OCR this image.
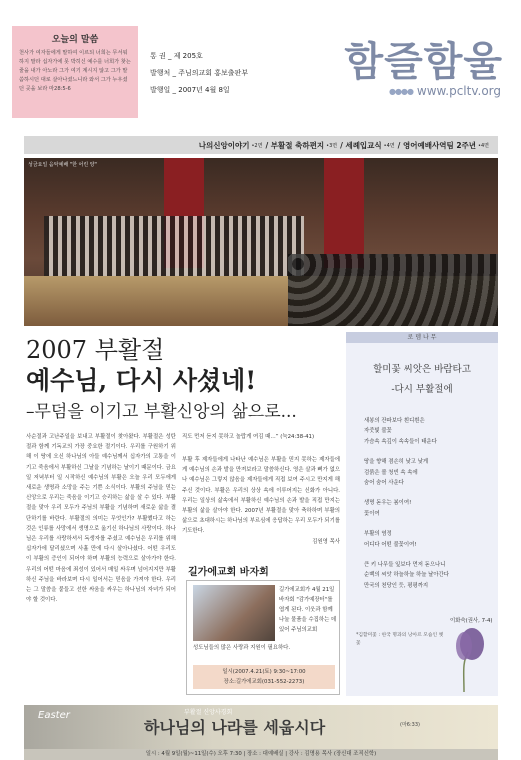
오늘의 말씀
천사가 여자들에게 말하여 이르되 너희는 무서워하지 말라 십자가에 못 박히신 예수를 너희가 찾는 줄을 내가 아노라 그가 여기 계시지 않고 그가 말씀하시던 대로 살아나셨느니라 와서 그가 누우셨던 곳을 보라 마28:5-6
통 권 _ 제 205호
발행처 _ 주님의교회 홍보출판부
발행일 _ 2007년 4월 8일
함즐함울
●●●● www.pcltv.org
나의신앙이야기 •2면 / 부활절 축하편지 •3면 / 세례입교식 •4면 / 영어예배사역팀 2주년 •4면
성금요일 음악예배 "한 어린 양"
2007 부활절
예수님, 다시 사셨네!
–무덤을 이기고 부활신앙의 삶으로...
사순절과 고난주일을 보내고 부활절이 찾아왔다. 부활절은 성탄절과 함께 기독교의 가장 중요한 절기이다. 우리를 구원하기 위해 이 땅에 오신 하나님의 아들 예수님께서 십자가의 고통을 이기고 죽음에서 부활하신 그날을 기념하는 날이기 때문이다. 금요일 저녁부터 일 시작하신 예수님의 부활은 오늘 우리 모두에게 새로운 생명과 소망을 주는 기쁜 소식이다. 부활의 주님을 믿는 신앙으로 우리는 죽음을 이기고 승리하는 삶을 살 수 있다. 부활절을 맞아 우리 모두가 주님의 부활을 기념하며 새로운 삶을 결단하기를 바란다. 부활절의 의미는 무엇인가? 부활했다고 하는 것은 인류를 사망에서 생명으로 옮기신 하나님의 사랑이다. 하나님은 우리를 사랑하셔서 독생자를 주셨고 예수님은 우리를 위해 십자가에 달리셨으며 사흘 만에 다시 살아나셨다. 어떤 우리도 이 부활의 증인이 되어야 하며 부활의 능력으로 살아가야 한다. 우리의 어떤 마음에 죄성이 있어서 매일 싸우며 넘어지지만 부활하신 주님을 바라보며 다시 일어서는 믿음을 가져야 한다. 우리는 그 말씀을 붙들고 선한 싸움을 싸우는 하나님의 자녀가 되어야 할 것이다.
직도 먼저 듣지 못하고 놀랍게 여김 때…” (눅24:38-41)
부활 후 제자들에게 나타난 예수님은 부활을 믿지 못하는 제자들에게 예수님의 손과 발을 만져보라고 말씀하신다. 영은 살과 뼈가 없으나 예수님은 그렇지 않음을 제자들에게 직접 보여 주시고 만지게 해주신 것이다. 부활은 우리의 상상 속에 이루어지는 신화가 아니다. 우리는 일상의 삶속에서 부활하신 예수님의 손과 발을 직접 만지는 부활의 삶을 살아야 한다. 2007년 부활절을 맞아 축하하며 부활의 삶으로 초대하시는 하나님의 부르심에 응답하는 우리 모두가 되기를 기도한다.
김원영 목사
길가에교회 바자회
길가에교회가 4월 21일 바자회 "감가예장터"를 엽게 된다. 이웃과 함께 나눌 물품을 수집하는 데 있어 주님의교회
성도님들의 많은 사랑과 지원이 필요하다.
일시(2007.4.21(토) 9:30~17:00
장소:길가에교회(031-552-2273)
로 뎀 나 무
할미꽃 씨앗은 바람타고
-다시 부활절에
새봉의 잔파보다 흰디흰은
자줏빛 불꽃
가슴속 속깊이 속속들이 태운다
땅을 향해 겸손히 낮고 낮게
검붉은 볼 청빈 속 속에
숨어 숨어 사운다
생명 돋우는 봄이여!
꽃이여
부활의 염정
어디다 어떤 불꽃이여!
큰 키 나무들 잎보다 먼저 돋으나니
순백의 씨앗 하늘하늘 하늘 날아간다
만국의 천당인 듯, 평평까지
이화숙(권사, 7-4)
*김할미꽃 : 한국 명과의 낭아르 모습인 옛꽃
Easter	부활절 신앙사경회
하나님의 나라를 세웁시다	(마6:33)
일시 : 4월 9일(월)~11일(수) 오후 7:30 | 장소 : 대예배실 | 강사 : 김명용 목사 (장신대 조직신학)
